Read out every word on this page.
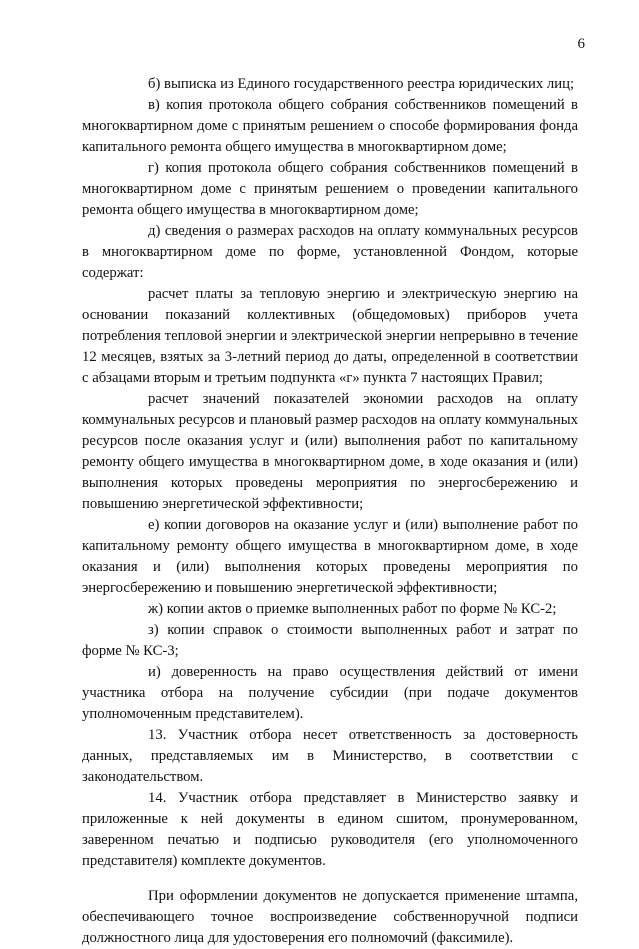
6

б) выписка из Единого государственного реестра юридических лиц;

в) копия протокола общего собрания собственников помещений в многоквартирном доме с принятым решением о способе формирования фонда капитального ремонта общего имущества в многоквартирном доме;

г) копия протокола общего собрания собственников помещений в многоквартирном доме с принятым решением о проведении капитального ремонта общего имущества в многоквартирном доме;

д) сведения о размерах расходов на оплату коммунальных ресурсов в многоквартирном доме по форме, установленной Фондом, которые содержат:

расчет платы за тепловую энергию и электрическую энергию на основании показаний коллективных (общедомовых) приборов учета потребления тепловой энергии и электрической энергии непрерывно в течение 12 месяцев, взятых за 3-летний период до даты, определенной в соответствии с абзацами вторым и третьим подпункта «г» пункта 7 настоящих Правил;

расчет значений показателей экономии расходов на оплату коммунальных ресурсов и плановый размер расходов на оплату коммунальных ресурсов после оказания услуг и (или) выполнения работ по капитальному ремонту общего имущества в многоквартирном доме, в ходе оказания и (или) выполнения которых проведены мероприятия по энергосбережению и повышению энергетической эффективности;

е) копии договоров на оказание услуг и (или) выполнение работ по капитальному ремонту общего имущества в многоквартирном доме, в ходе оказания и (или) выполнения которых проведены мероприятия по энергосбережению и повышению энергетической эффективности;

ж) копии актов о приемке выполненных работ по форме № КС-2;

з) копии справок о стоимости выполненных работ и затрат по форме № КС-3;

и) доверенность на право осуществления действий от имени участника отбора на получение субсидии (при подаче документов уполномоченным представителем).

13. Участник отбора несет ответственность за достоверность данных, представляемых им в Министерство, в соответствии с законодательством.

14. Участник отбора представляет в Министерство заявку и приложенные к ней документы в едином сшитом, пронумерованном, заверенном печатью и подписью руководителя (его уполномоченного представителя) комплекте документов.

При оформлении документов не допускается применение штампа, обеспечивающего точное воспроизведение собственноручной подписи должностного лица для удостоверения его полномочий (факсимиле).
